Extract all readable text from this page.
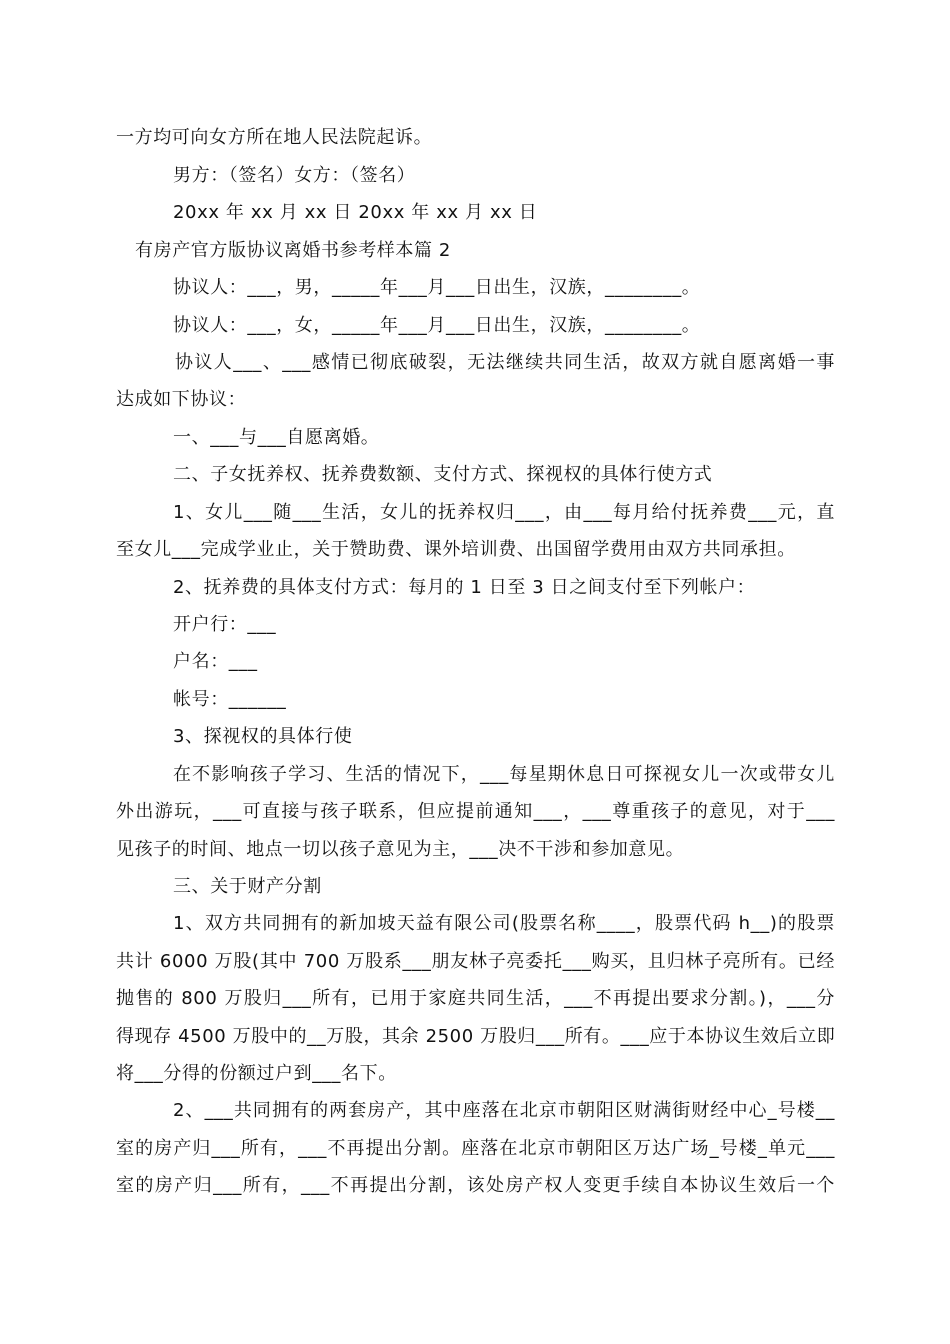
一方均可向女方所在地人民法院起诉。
男方：（签名）女方：（签名）
20xx 年 xx 月 xx 日 20xx 年 xx 月 xx 日
有房产官方版协议离婚书参考样本篇 2
协议人：___，男，_____年___月___日出生，汉族，________。
协议人：___，女，_____年___月___日出生，汉族，________。
协议人___、___感情已彻底破裂，无法继续共同生活，故双方就自愿离婚一事
达成如下协议：
一、___与___自愿离婚。
二、子女抚养权、抚养费数额、支付方式、探视权的具体行使方式
1、女儿___随___生活，女儿的抚养权归___，由___每月给付抚养费___元，直
至女儿___完成学业止，关于赞助费、课外培训费、出国留学费用由双方共同承担。
2、抚养费的具体支付方式：每月的 1 日至 3 日之间支付至下列帐户：
开户行：___
户名：___
帐号：______
3、探视权的具体行使
在不影响孩子学习、生活的情况下，___每星期休息日可探视女儿一次或带女儿
外出游玩，___可直接与孩子联系，但应提前通知___，___尊重孩子的意见，对于___
见孩子的时间、地点一切以孩子意见为主，___决不干涉和参加意见。
三、关于财产分割
1、双方共同拥有的新加坡天益有限公司(股票名称____，股票代码 h__)的股票
共计 6000 万股(其中 700 万股系___朋友林子亮委托___购买，且归林子亮所有。已经
抛售的 800 万股归___所有，已用于家庭共同生活，___不再提出要求分割。)，___分
得现存 4500 万股中的__万股，其余 2500 万股归___所有。___应于本协议生效后立即
将___分得的份额过户到___名下。
2、___共同拥有的两套房产，其中座落在北京市朝阳区财满街财经中心_号楼__
室的房产归___所有，___不再提出分割。座落在北京市朝阳区万达广场_号楼_单元___
室的房产归___所有，___不再提出分割，该处房产权人变更手续自本协议生效后一个
